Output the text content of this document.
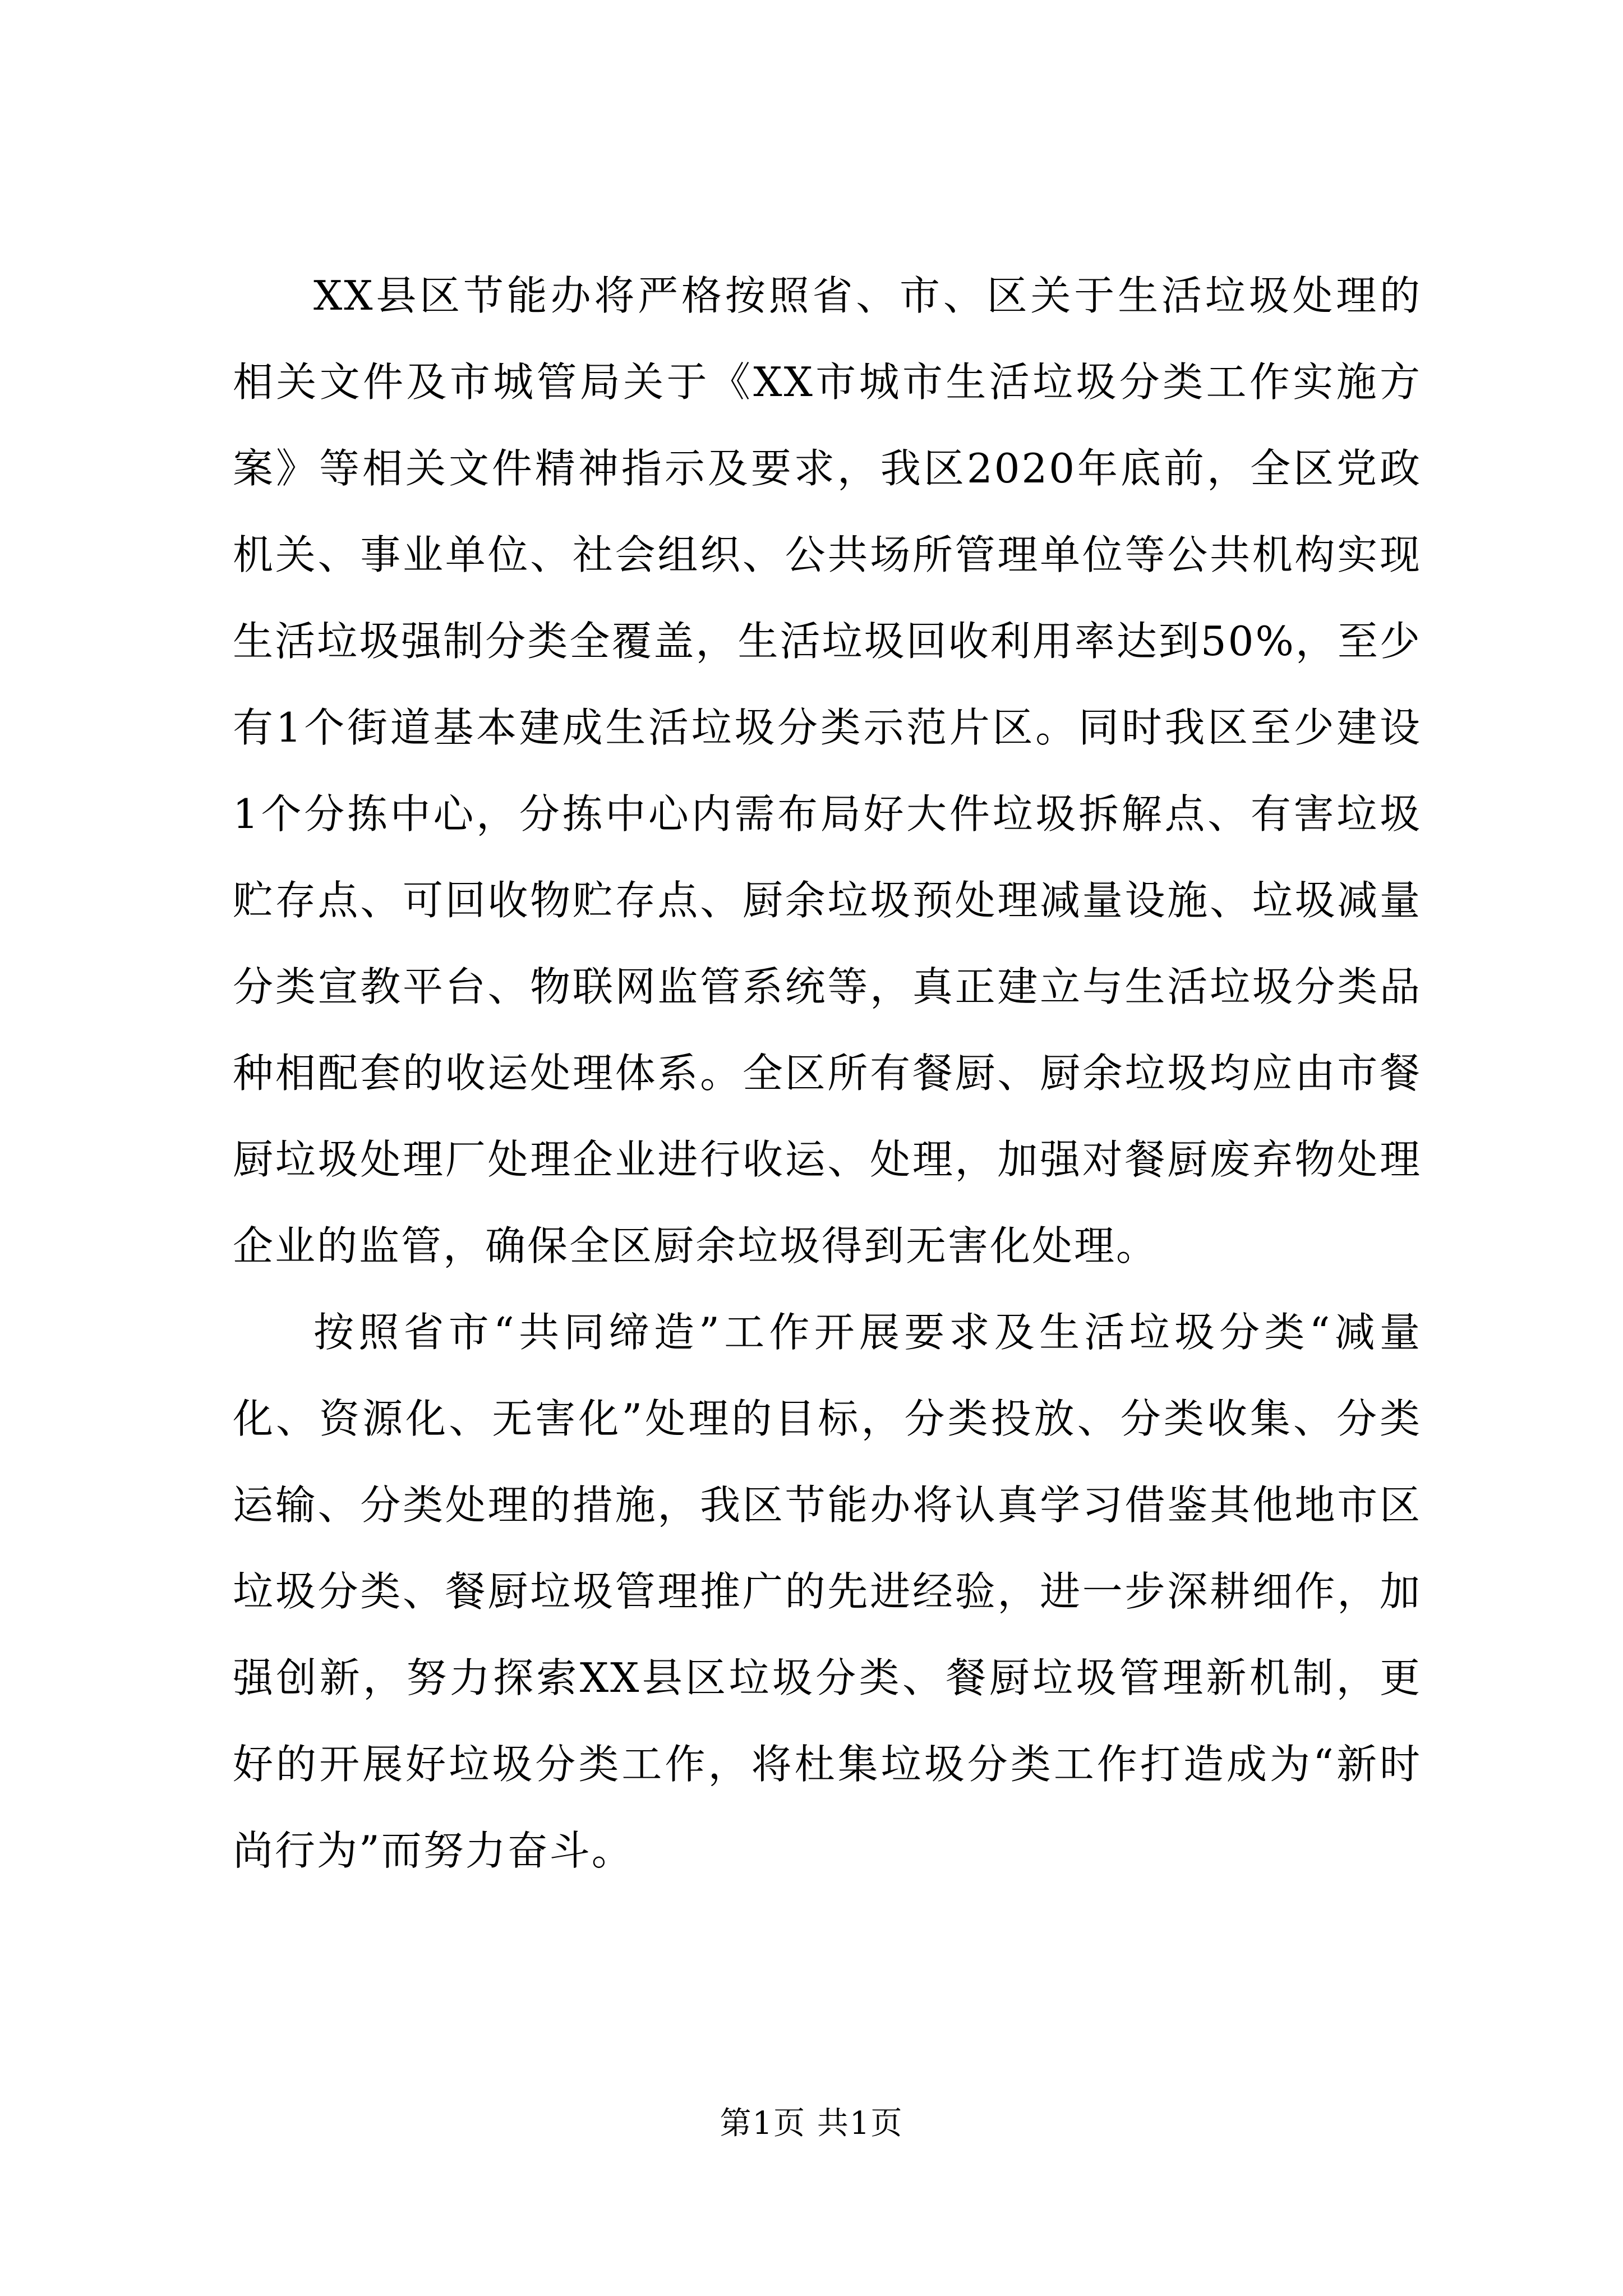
XX县区节能办将严格按照省、市、区关于生活垃圾处理的相关文件及市城管局关于《XX市城市生活垃圾分类工作实施方案》等相关文件精神指示及要求，我区2020年底前，全区党政机关、事业单位、社会组织、公共场所管理单位等公共机构实现生活垃圾强制分类全覆盖，生活垃圾回收利用率达到50%，至少有1个街道基本建成生活垃圾分类示范片区。同时我区至少建设1个分拣中心，分拣中心内需布局好大件垃圾拆解点、有害垃圾贮存点、可回收物贮存点、厨余垃圾预处理减量设施、垃圾减量分类宣教平台、物联网监管系统等，真正建立与生活垃圾分类品种相配套的收运处理体系。全区所有餐厨、厨余垃圾均应由市餐厨垃圾处理厂处理企业进行收运、处理，加强对餐厨废弃物处理企业的监管，确保全区厨余垃圾得到无害化处理。

按照省市“共同缔造”工作开展要求及生活垃圾分类“减量化、资源化、无害化”处理的目标，分类投放、分类收集、分类运输、分类处理的措施，我区节能办将认真学习借鉴其他地市区垃圾分类、餐厨垃圾管理推广的先进经验，进一步深耕细作，加强创新，努力探索XX县区垃圾分类、餐厨垃圾管理新机制，更好的开展好垃圾分类工作，将杜集垃圾分类工作打造成为“新时尚行为”而努力奋斗。

第1页 共1页
